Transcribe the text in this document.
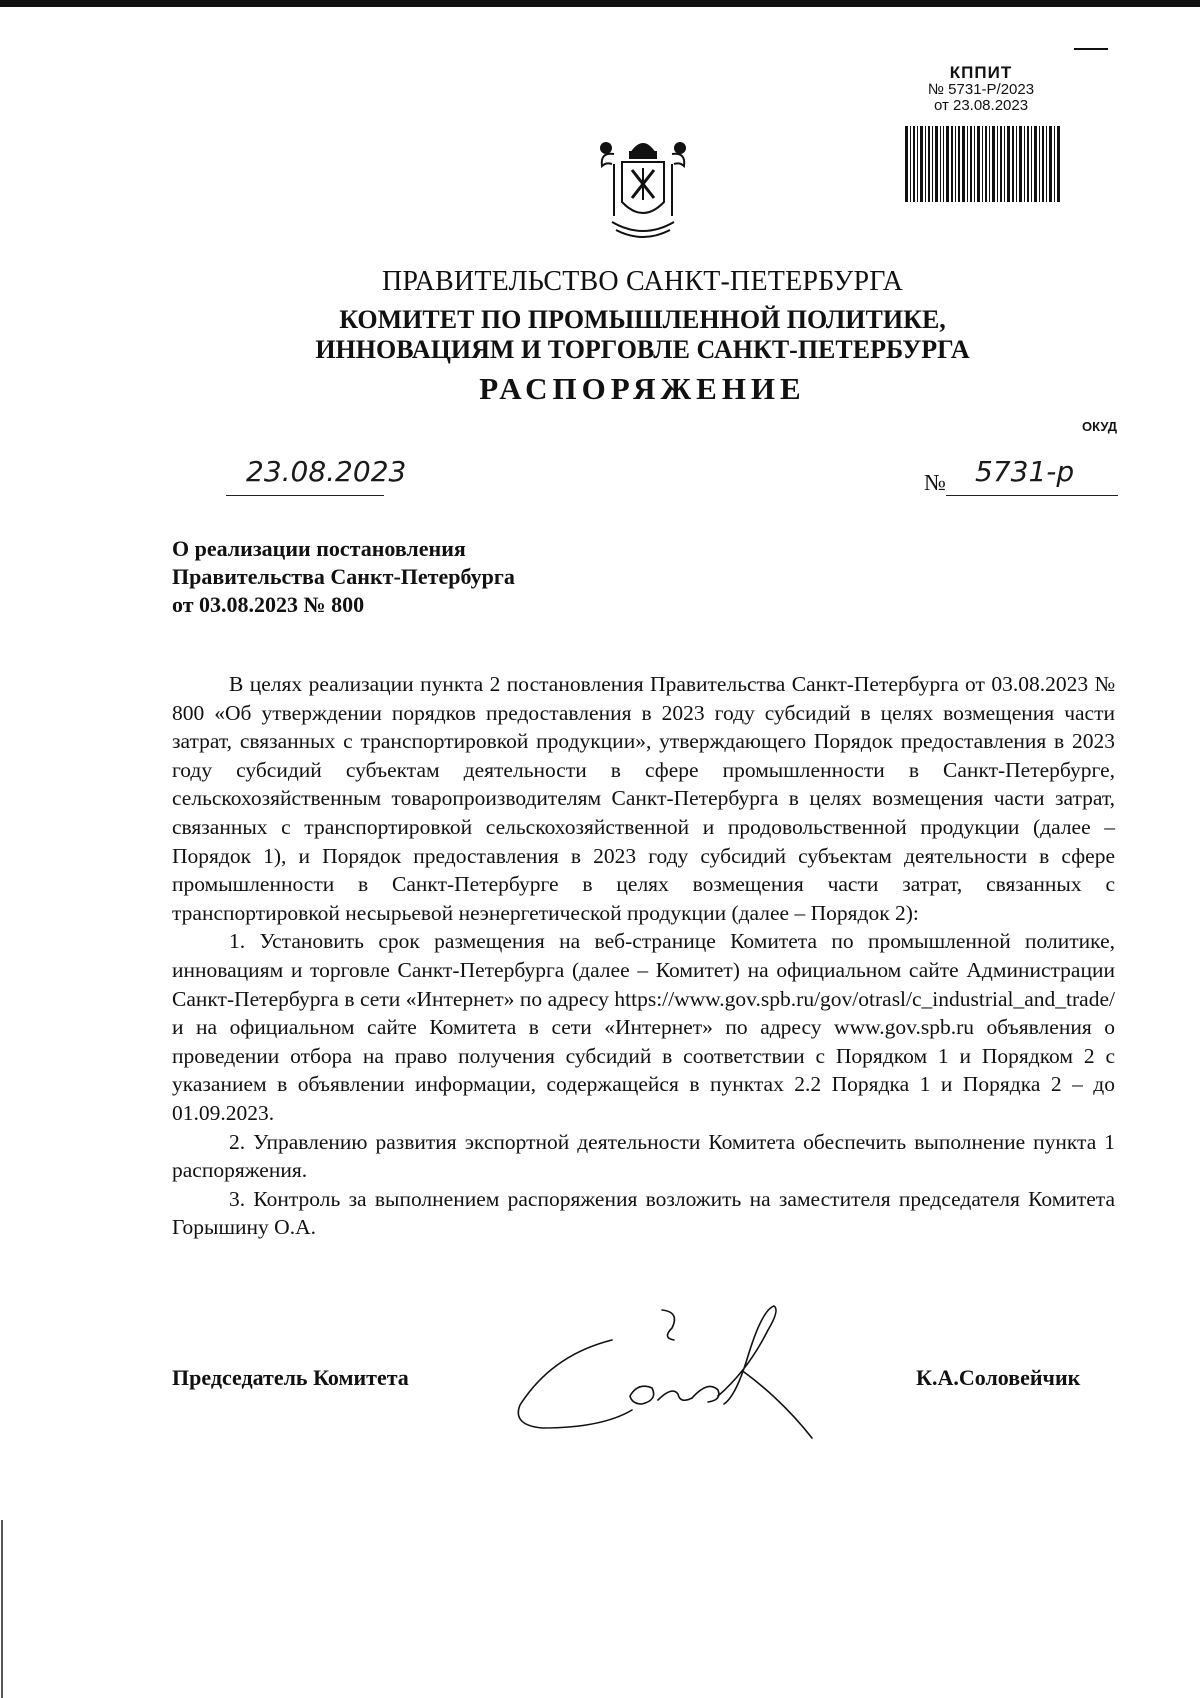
КППИТ
№ 5731-Р/2023
от 23.08.2023
ПРАВИТЕЛЬСТВО САНКТ-ПЕТЕРБУРГА
КОМИТЕТ ПО ПРОМЫШЛЕННОЙ ПОЛИТИКЕ,
ИННОВАЦИЯМ И ТОРГОВЛЕ САНКТ-ПЕТЕРБУРГА
РАСПОРЯЖЕНИЕ
ОКУД
23.08.2023	№ 5731-р
О реализации постановления
Правительства Санкт-Петербурга
от 03.08.2023 № 800

В целях реализации пункта 2 постановления Правительства Санкт-Петербурга от 03.08.2023 № 800 «Об утверждении порядков предоставления в 2023 году субсидий в целях возмещения части затрат, связанных с транспортировкой продукции», утверждающего Порядок предоставления в 2023 году субсидий субъектам деятельности в сфере промышленности в Санкт-Петербурге, сельскохозяйственным товаропроизводителям Санкт-Петербурга в целях возмещения части затрат, связанных с транспортировкой сельскохозяйственной и продовольственной продукции (далее – Порядок 1), и Порядок предоставления в 2023 году субсидий субъектам деятельности в сфере промышленности в Санкт-Петербурге в целях возмещения части затрат, связанных с транспортировкой несырьевой неэнергетической продукции (далее – Порядок 2):

1. Установить срок размещения на веб-странице Комитета по промышленной политике, инновациям и торговле Санкт-Петербурга (далее – Комитет) на официальном сайте Администрации Санкт-Петербурга в сети «Интернет» по адресу https://www.gov.spb.ru/gov/otrasl/c_industrial_and_trade/ и на официальном сайте Комитета в сети «Интернет» по адресу www.gov.spb.ru объявления о проведении отбора на право получения субсидий в соответствии с Порядком 1 и Порядком 2 с указанием в объявлении информации, содержащейся в пунктах 2.2 Порядка 1 и Порядка 2 – до 01.09.2023.

2. Управлению развития экспортной деятельности Комитета обеспечить выполнение пункта 1 распоряжения.

3. Контроль за выполнением распоряжения возложить на заместителя председателя Комитета Горышину О.А.

Председатель Комитета	К.А.Соловейчик
